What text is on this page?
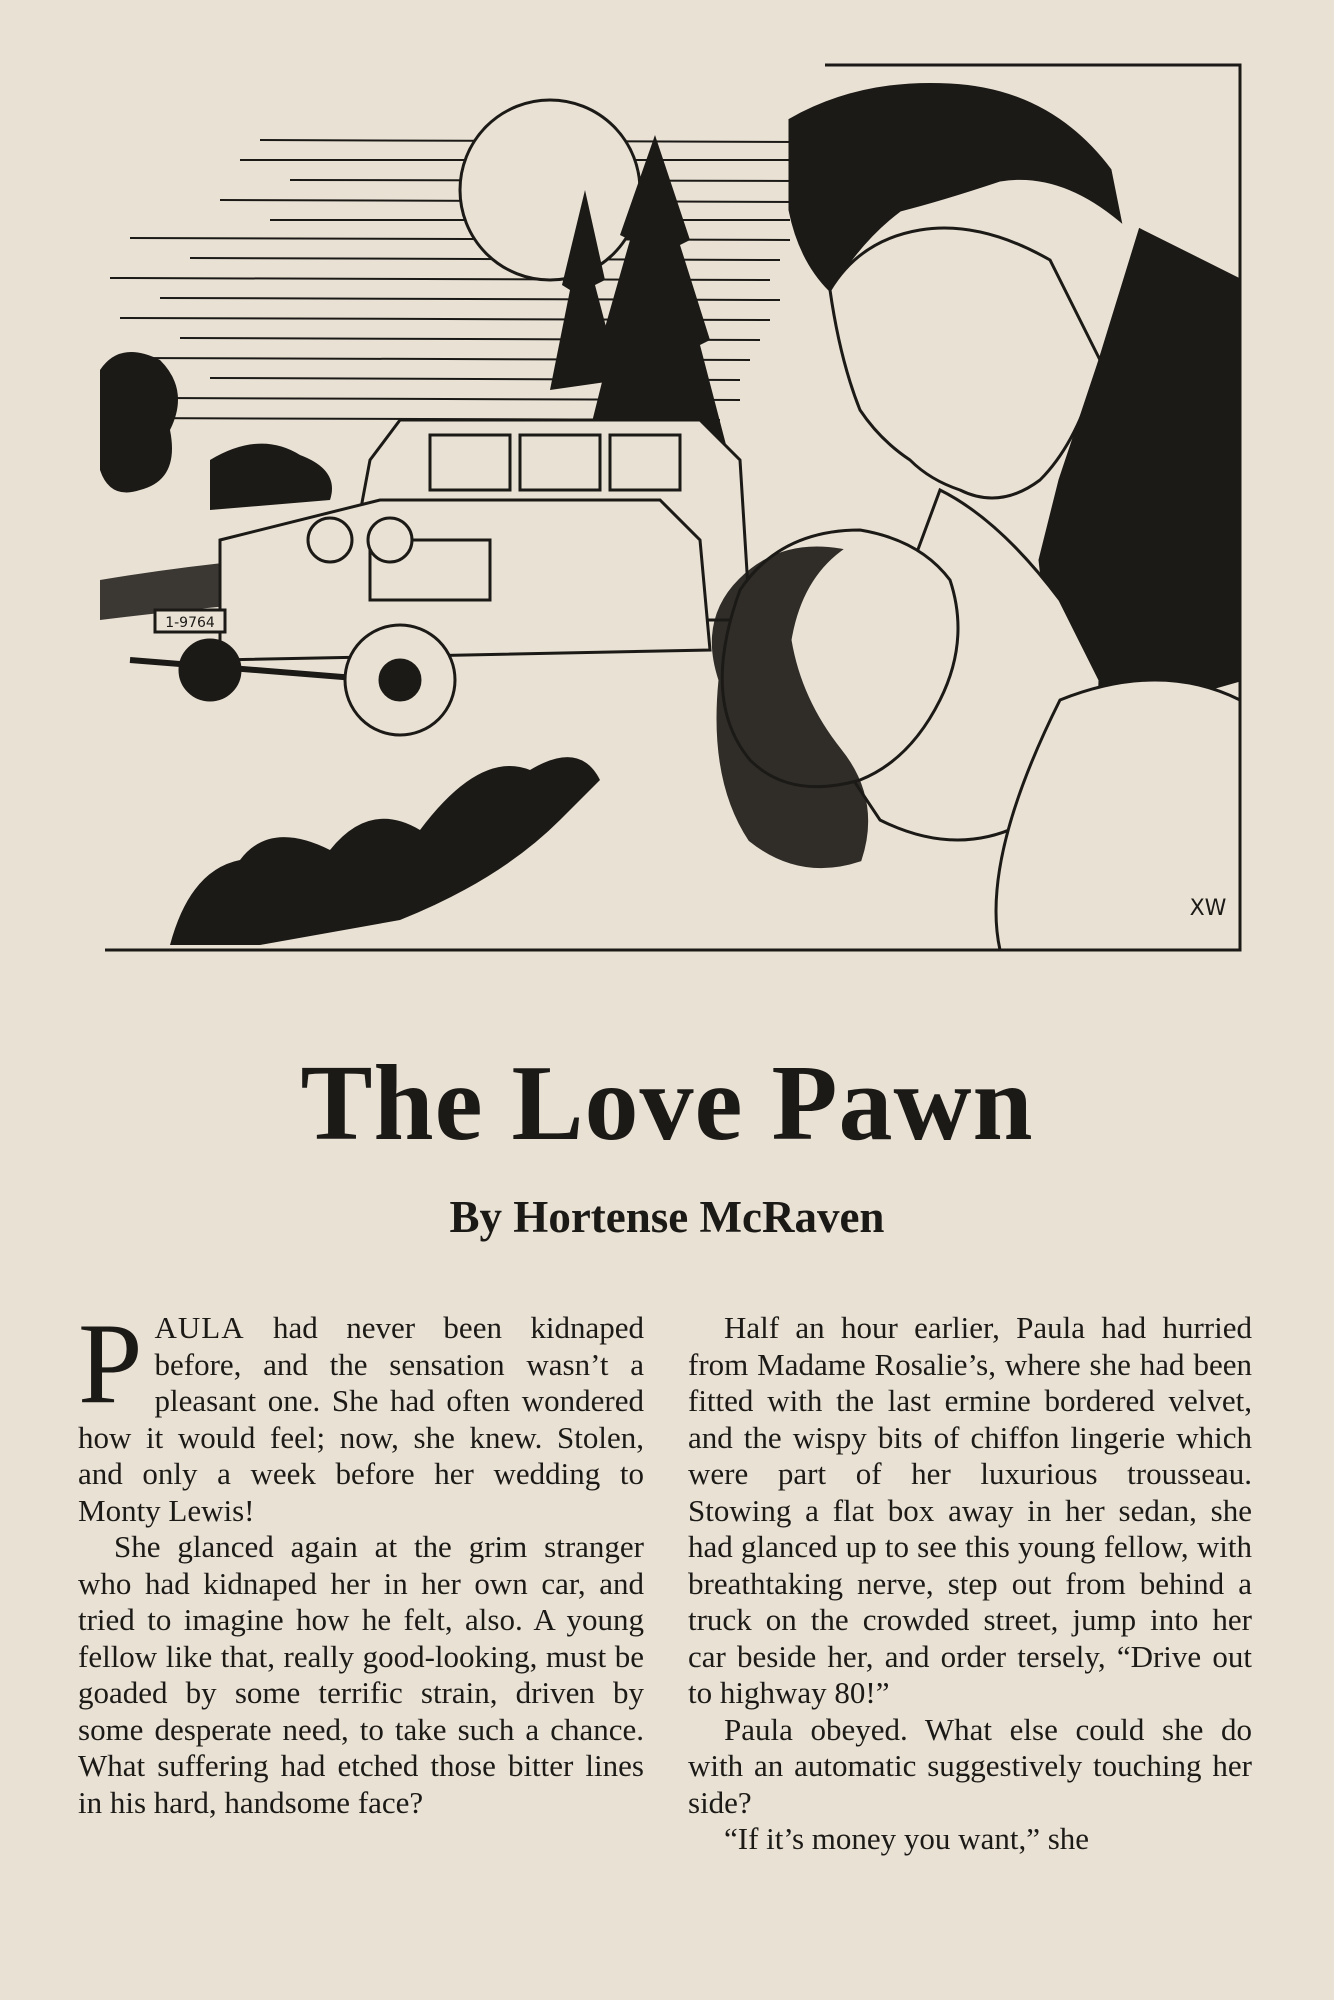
1-9764
XW
The Love Pawn
By Hortense McRaven

PAULA had never been kidnaped before, and the sensation wasn’t a pleasant one. She had often wondered how it would feel; now, she knew. Stolen, and only a week before her wedding to Monty Lewis!

She glanced again at the grim stranger who had kidnaped her in her own car, and tried to imagine how he felt, also. A young fellow like that, really good-looking, must be goaded by some terrific strain, driven by some desperate need, to take such a chance. What suffering had etched those bitter lines in his hard, handsome face?

Half an hour earlier, Paula had hurried from Madame Rosalie’s, where she had been fitted with the last ermine bordered velvet, and the wispy bits of chiffon lingerie which were part of her luxurious trousseau. Stowing a flat box away in her sedan, she had glanced up to see this young fellow, with breathtaking nerve, step out from behind a truck on the crowded street, jump into her car beside her, and order tersely, “Drive out to highway 80!”

Paula obeyed. What else could she do with an automatic suggestively touching her side?

“If it’s money you want,” she
